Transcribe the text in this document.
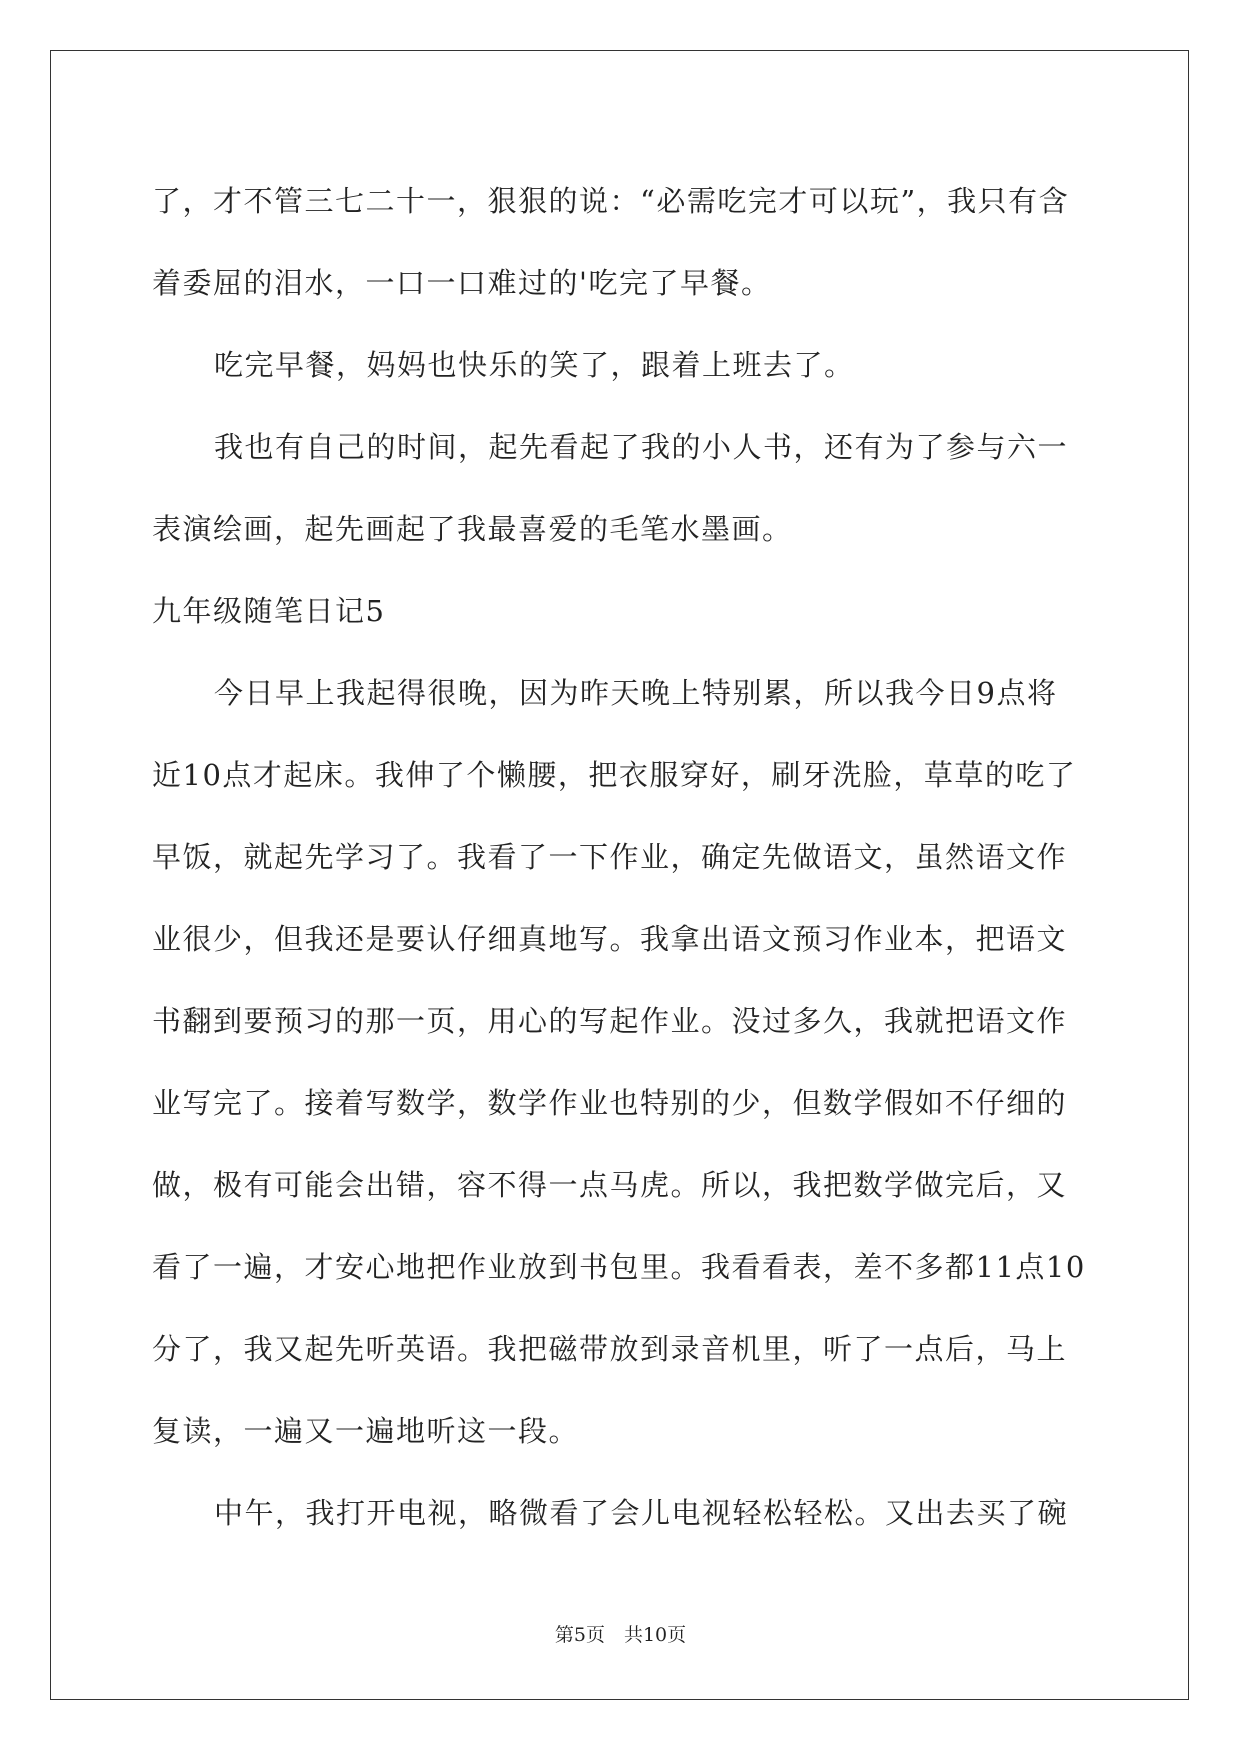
了，才不管三七二十一，狠狠的说：“必需吃完才可以玩”，我只有含
着委屈的泪水，一口一口难过的'吃完了早餐。
吃完早餐，妈妈也快乐的笑了，跟着上班去了。
我也有自己的时间，起先看起了我的小人书，还有为了参与六一
表演绘画，起先画起了我最喜爱的毛笔水墨画。
九年级随笔日记5
今日早上我起得很晚，因为昨天晚上特别累，所以我今日9点将
近10点才起床。我伸了个懒腰，把衣服穿好，刷牙洗脸，草草的吃了
早饭，就起先学习了。我看了一下作业，确定先做语文，虽然语文作
业很少，但我还是要认仔细真地写。我拿出语文预习作业本，把语文
书翻到要预习的那一页，用心的写起作业。没过多久，我就把语文作
业写完了。接着写数学，数学作业也特别的少，但数学假如不仔细的
做，极有可能会出错，容不得一点马虎。所以，我把数学做完后，又
看了一遍，才安心地把作业放到书包里。我看看表，差不多都11点10
分了，我又起先听英语。我把磁带放到录音机里，听了一点后，马上
复读，一遍又一遍地听这一段。
中午，我打开电视，略微看了会儿电视轻松轻松。又出去买了碗
第5页　共10页
